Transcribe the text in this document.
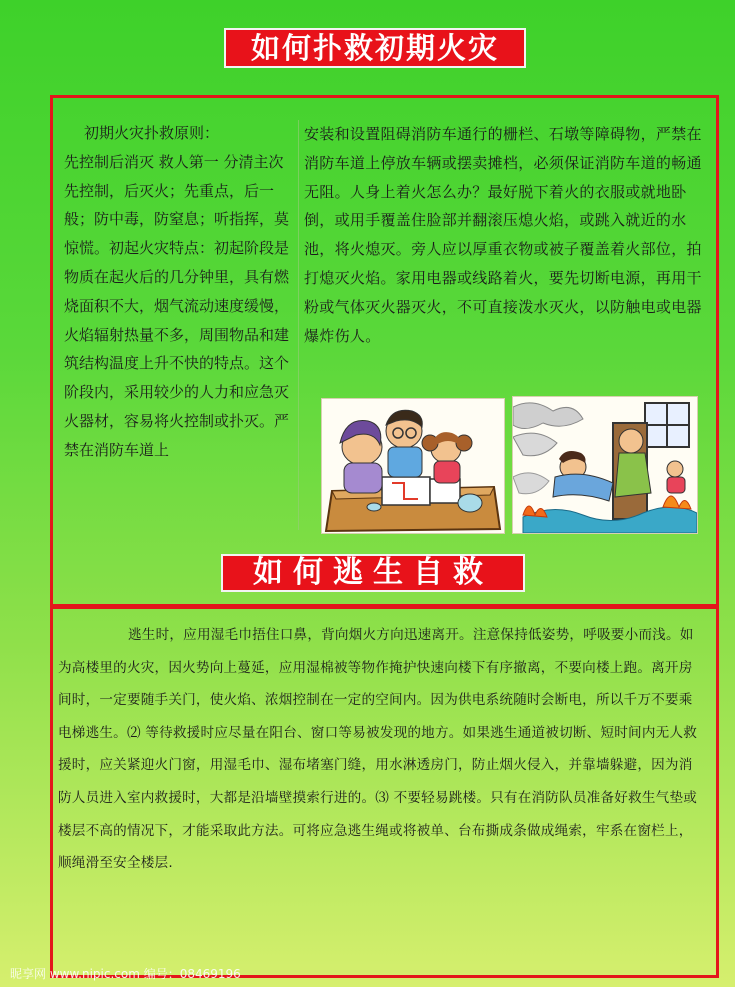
如何扑救初期火灾
初期火灾扑救原则：
先控制后消灭 救人第一 分清主次 先控制，后灭火；先重点，后一般；防中毒，防窒息；听指挥，莫惊慌。初起火灾特点：初起阶段是物质在起火后的几分钟里，具有燃烧面积不大，烟气流动速度缓慢，火焰辐射热量不多，周围物品和建筑结构温度上升不快的特点。这个阶段内，采用较少的人力和应急灭火器材，容易将火控制或扑灭。严禁在消防车道上
安装和设置阻碍消防车通行的栅栏、石墩等障碍物，严禁在消防车道上停放车辆或摆卖摊档，必须保证消防车道的畅通无阻。人身上着火怎么办？最好脱下着火的衣服或就地卧倒，或用手覆盖住脸部并翻滚压熄火焰，或跳入就近的水池，将火熄灭。旁人应以厚重衣物或被子覆盖着火部位，拍打熄灭火焰。家用电器或线路着火，要先切断电源，再用干粉或气体灭火器灭火，不可直接泼水灭火，以防触电或电器爆炸伤人。
如何逃生自救

逃生时，应用湿毛巾捂住口鼻，背向烟火方向迅速离开。注意保持低姿势，呼吸要小而浅。如为高楼里的火灾，因火势向上蔓延，应用湿棉被等物作掩护快速向楼下有序撤离，不要向楼上跑。离开房间时，一定要随手关门，使火焰、浓烟控制在一定的空间内。因为供电系统随时会断电，所以千万不要乘电梯逃生。⑵ 等待救援时应尽量在阳台、窗口等易被发现的地方。如果逃生通道被切断、短时间内无人救援时，应关紧迎火门窗，用湿毛巾、湿布堵塞门缝，用水淋透房门，防止烟火侵入，并靠墙躲避，因为消防人员进入室内救援时，大都是沿墙壁摸索行进的。⑶ 不要轻易跳楼。只有在消防队员准备好救生气垫或楼层不高的情况下，才能采取此方法。可将应急逃生绳或将被单、台布撕成条做成绳索，牢系在窗栏上，顺绳滑至安全楼层.

昵享网 www.nipic.com 编号：08469196
